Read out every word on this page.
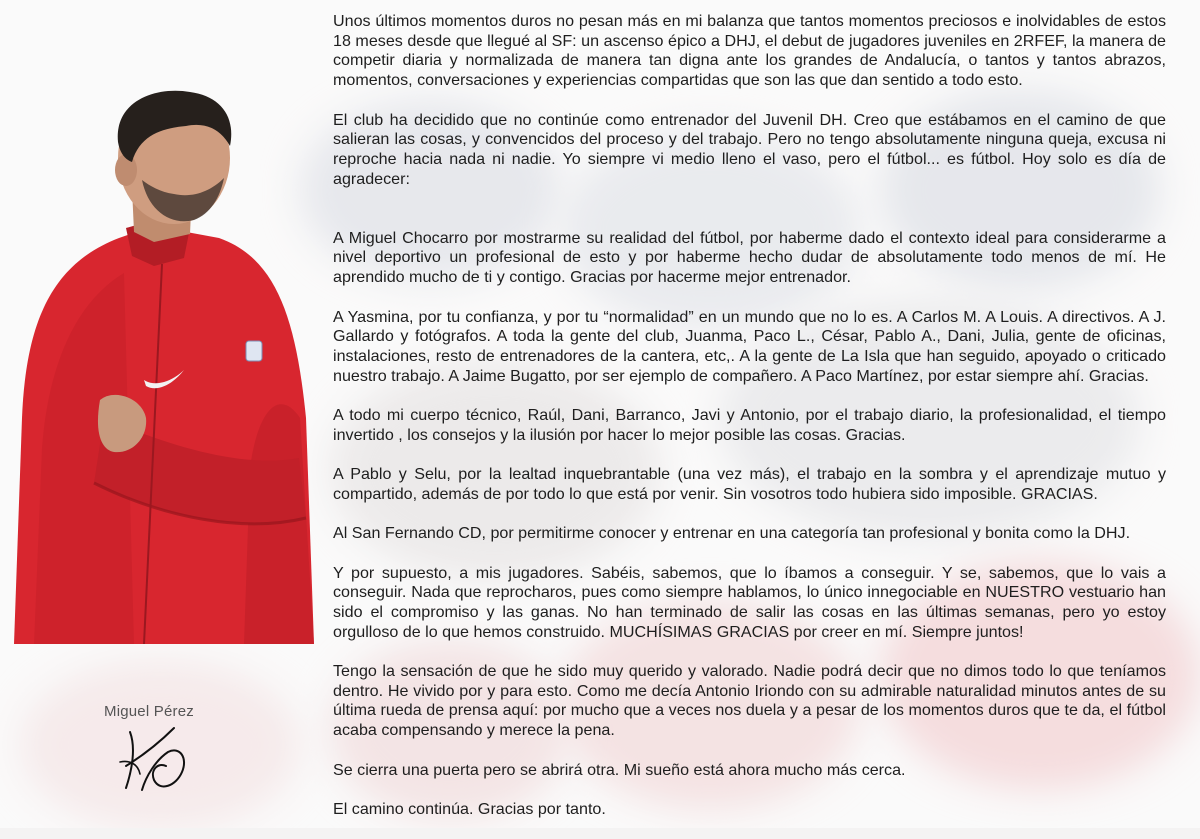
Miguel Pérez

Unos últimos momentos duros no pesan más en mi balanza que tantos momentos preciosos e inolvidables de estos 18 meses desde que llegué al SF: un ascenso épico a DHJ, el debut de jugadores juveniles en 2RFEF, la manera de competir diaria y normalizada de manera tan digna ante los grandes de Andalucía, o tantos y tantos abrazos, momentos, conversaciones y experiencias compartidas que son las que dan sentido a todo esto.

El club ha decidido que no continúe como entrenador del Juvenil DH. Creo que estábamos en el camino de que salieran las cosas, y convencidos del proceso y del trabajo. Pero no tengo absolutamente ninguna queja, excusa ni reproche hacia nada ni nadie. Yo siempre vi medio lleno el vaso, pero el fútbol... es fútbol. Hoy solo es día de agradecer:

A Miguel Chocarro por mostrarme su realidad del fútbol, por haberme dado el contexto ideal para considerarme a nivel deportivo un profesional de esto y por haberme hecho dudar de absolutamente todo menos de mí. He aprendido mucho de ti y contigo. Gracias por hacerme mejor entrenador.

A Yasmina, por tu confianza, y por tu “normalidad” en un mundo que no lo es. A Carlos M. A Louis. A directivos. A J. Gallardo y fotógrafos. A toda la gente del club, Juanma, Paco L., César, Pablo A., Dani, Julia, gente de oficinas, instalaciones, resto de entrenadores de la cantera, etc,. A la gente de La Isla que han seguido, apoyado o criticado nuestro trabajo. A Jaime Bugatto, por ser ejemplo de compañero. A Paco Martínez, por estar siempre ahí. Gracias.

A todo mi cuerpo técnico, Raúl, Dani, Barranco, Javi y Antonio, por el trabajo diario, la profesionalidad, el tiempo invertido , los consejos y la ilusión por hacer lo mejor posible las cosas. Gracias.

A Pablo y Selu, por la lealtad inquebrantable (una vez más), el trabajo en la sombra y el aprendizaje mutuo y compartido, además de por todo lo que está por venir. Sin vosotros todo hubiera sido imposible. GRACIAS.

Al San Fernando CD, por permitirme conocer y entrenar en una categoría tan profesional y bonita como la DHJ.

Y por supuesto, a mis jugadores. Sabéis, sabemos, que lo íbamos a conseguir. Y se, sabemos, que lo vais a conseguir. Nada que reprocharos, pues como siempre hablamos, lo único innegociable en NUESTRO vestuario han sido el compromiso y las ganas. No han terminado de salir las cosas en las últimas semanas, pero yo estoy orgulloso de lo que hemos construido. MUCHÍSIMAS GRACIAS por creer en mí. Siempre juntos!

Tengo la sensación de que he sido muy querido y valorado. Nadie podrá decir que no dimos todo lo que teníamos dentro. He vivido por y para esto. Como me decía Antonio Iriondo con su admirable naturalidad minutos antes de su última rueda de prensa aquí: por mucho que a veces nos duela y a pesar de los momentos duros que te da, el fútbol acaba compensando y merece la pena.

Se cierra una puerta pero se abrirá otra. Mi sueño está ahora mucho más cerca.

El camino continúa. Gracias por tanto.
